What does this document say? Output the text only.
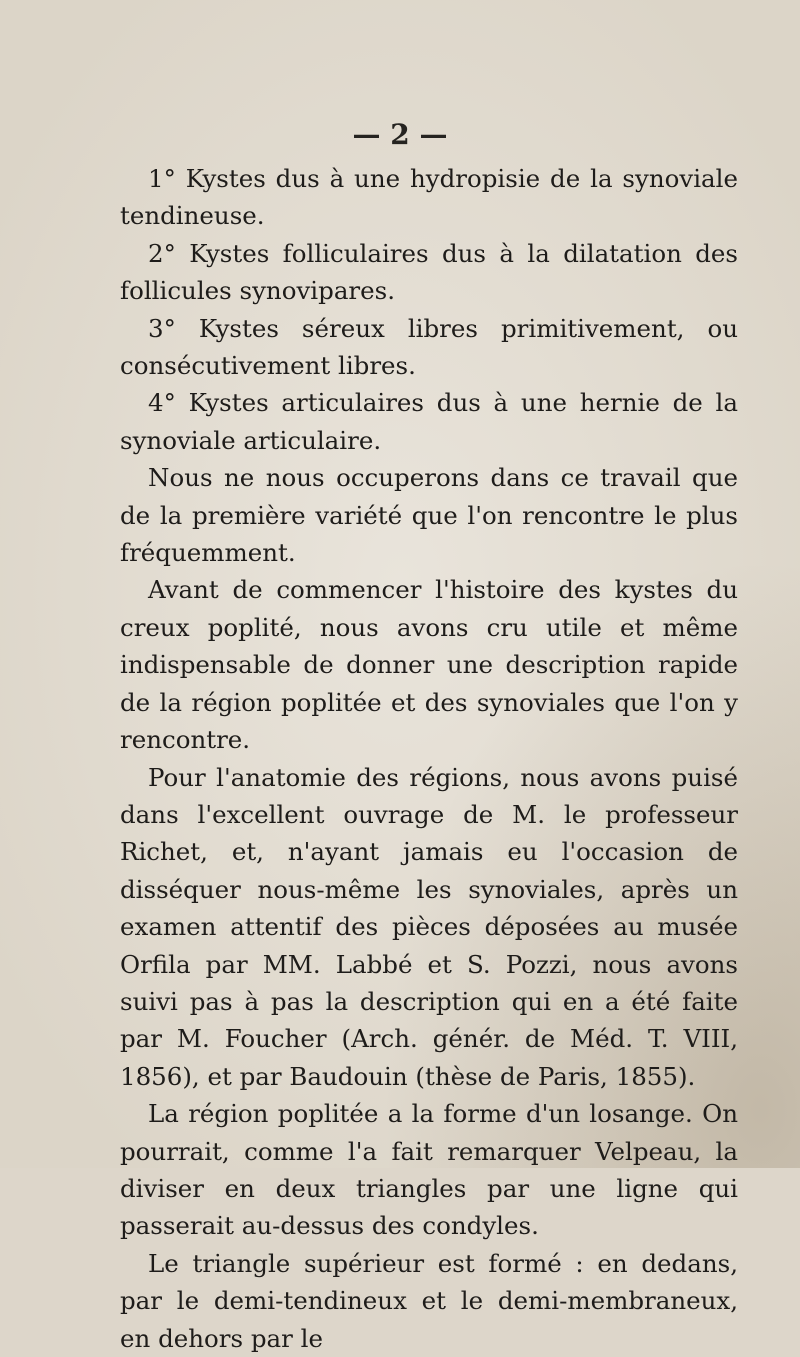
— 2 —

1° Kystes dus à une hydropisie de la synoviale tendineuse.

2° Kystes folliculaires dus à la dilatation des follicules synovipares.

3° Kystes séreux libres primitivement, ou consécutivement libres.

4° Kystes articulaires dus à une hernie de la synoviale articulaire.

Nous ne nous occuperons dans ce travail que de la première variété que l'on rencontre le plus fréquemment.

Avant de commencer l'histoire des kystes du creux poplité, nous avons cru utile et même indispensable de donner une description rapide de la région poplitée et des synoviales que l'on y rencontre.

Pour l'anatomie des régions, nous avons puisé dans l'excellent ouvrage de M. le professeur Richet, et, n'ayant jamais eu l'occasion de disséquer nous-même les synoviales, après un examen attentif des pièces déposées au musée Orfila par MM. Labbé et S. Pozzi, nous avons suivi pas à pas la description qui en a été faite par M. Foucher (Arch. génér. de Méd. T. VIII, 1856), et par Baudouin (thèse de Paris, 1855).

La région poplitée a la forme d'un losange. On pourrait, comme l'a fait remarquer Velpeau, la diviser en deux triangles par une ligne qui passerait au-dessus des condyles.

Le triangle supérieur est formé : en dedans, par le demi-tendineux et le demi-membraneux, en dehors par le
